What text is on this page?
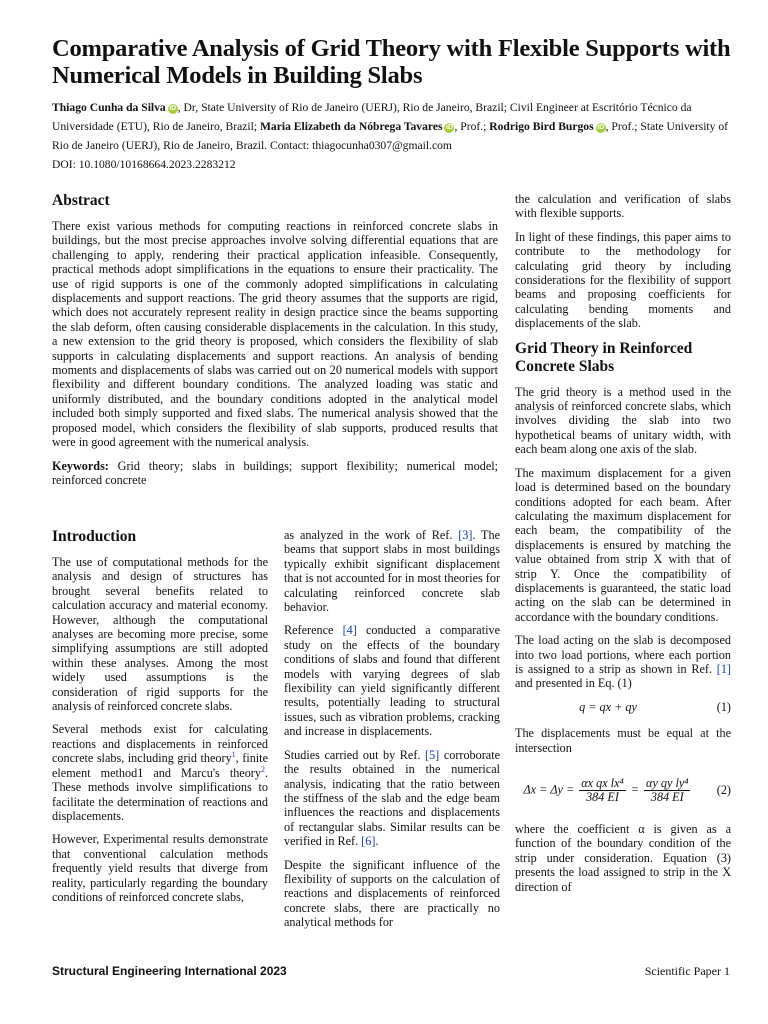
Comparative Analysis of Grid Theory with Flexible Supports with Numerical Models in Building Slabs
Thiago Cunha da Silva iD , Dr, State University of Rio de Janeiro (UERJ), Rio de Janeiro, Brazil; Civil Engineer at Escritório Técnico da Universidade (ETU), Rio de Janeiro, Brazil; Maria Elizabeth da Nóbrega Tavares iD , Prof.; Rodrigo Bird Burgos iD , Prof.; State University of Rio de Janeiro (UERJ), Rio de Janeiro, Brazil. Contact: thiagocunha0307@gmail.com
DOI: 10.1080/10168664.2023.2283212
Abstract

There exist various methods for computing reactions in reinforced concrete slabs in buildings, but the most precise approaches involve solving differential equations that are challenging to apply, rendering their practical application infeasible. Consequently, practical methods adopt simplifications in the equations to ensure their practicality. The use of rigid supports is one of the commonly adopted simplifications in calculating displacements and support reactions. The grid theory assumes that the supports are rigid, which does not accurately represent reality in design practice since the beams supporting the slab deform, often causing considerable displacements in the calculation. In this study, a new extension to the grid theory is proposed, which considers the flexibility of slab supports in calculating displacements and support reactions. An analysis of bending moments and displacements of slabs was carried out on 20 numerical models with support flexibility and different boundary conditions. The analyzed loading was static and uniformly distributed, and the boundary conditions adopted in the analytical model included both simply supported and fixed slabs. The numerical analysis showed that the proposed model, which considers the flexibility of slab supports, produced results that were in good agreement with the numerical analysis.

Keywords: Grid theory; slabs in buildings; support flexibility; numerical model; reinforced concrete

Introduction

The use of computational methods for the analysis and design of structures has brought several benefits related to calculation accuracy and material economy. However, although the computational analyses are becoming more precise, some simplifying assumptions are still adopted within these analyses. Among the most widely used assumptions is the consideration of rigid supports for the analysis of reinforced concrete slabs.

Several methods exist for calculating reactions and displacements in reinforced concrete slabs, including grid theory$^1$, finite element method1 and Marcu's theory$^2$. These methods involve simplifications to facilitate the determination of reactions and displacements.

However, Experimental results demonstrate that conventional calculation methods frequently yield results that diverge from reality, particularly regarding the boundary conditions of reinforced concrete slabs,

as analyzed in the work of Ref. [3]. The beams that support slabs in most buildings typically exhibit significant displacement that is not accounted for in most theories for calculating reinforced concrete slab behavior.

Reference [4] conducted a comparative study on the effects of the boundary conditions of slabs and found that different models with varying degrees of slab flexibility can yield significantly different results, potentially leading to structural issues, such as vibration problems, cracking and increase in displacements.

Studies carried out by Ref. [5] corroborate the results obtained in the numerical analysis, indicating that the ratio between the stiffness of the slab and the edge beam influences the reactions and displacements of rectangular slabs. Similar results can be verified in Ref. [6].

Despite the significant influence of the flexibility of supports on the calculation of reactions and displacements of reinforced concrete slabs, there are practically no analytical methods for

the calculation and verification of slabs with flexible supports.

In light of these findings, this paper aims to contribute to the methodology for calculating grid theory by including considerations for the flexibility of support beams and proposing coefficients for calculating bending moments and displacements of the slab.

Grid Theory in Reinforced Concrete Slabs

The grid theory is a method used in the analysis of reinforced concrete slabs, which involves dividing the slab into two hypothetical beams of unitary width, with each beam along one axis of the slab.

The maximum displacement for a given load is determined based on the boundary conditions adopted for each beam. After calculating the maximum displacement for each beam, the compatibility of the displacements is ensured by matching the value obtained from strip X with that of strip Y. Once the compatibility of displacements is guaranteed, the static load acting on the slab can be determined in accordance with the boundary conditions.

The load acting on the slab is decomposed into two load portions, where each portion is assigned to a strip as shown in Ref. [1] and presented in Eq. (1)

q = qx + qy	(1)

The displacements must be equal at the intersection

$\Delta x = \Delta y = \frac{\text{αx qx lx⁴}}{384 EI} = \frac{\text{αy qy ly⁴}}{384 EI}$	(2)

where the coefficient α is given as a function of the boundary condition of the strip under consideration. Equation (3) presents the load assigned to strip in the X direction of

Structural Engineering International 2023	Scientific Paper 1
